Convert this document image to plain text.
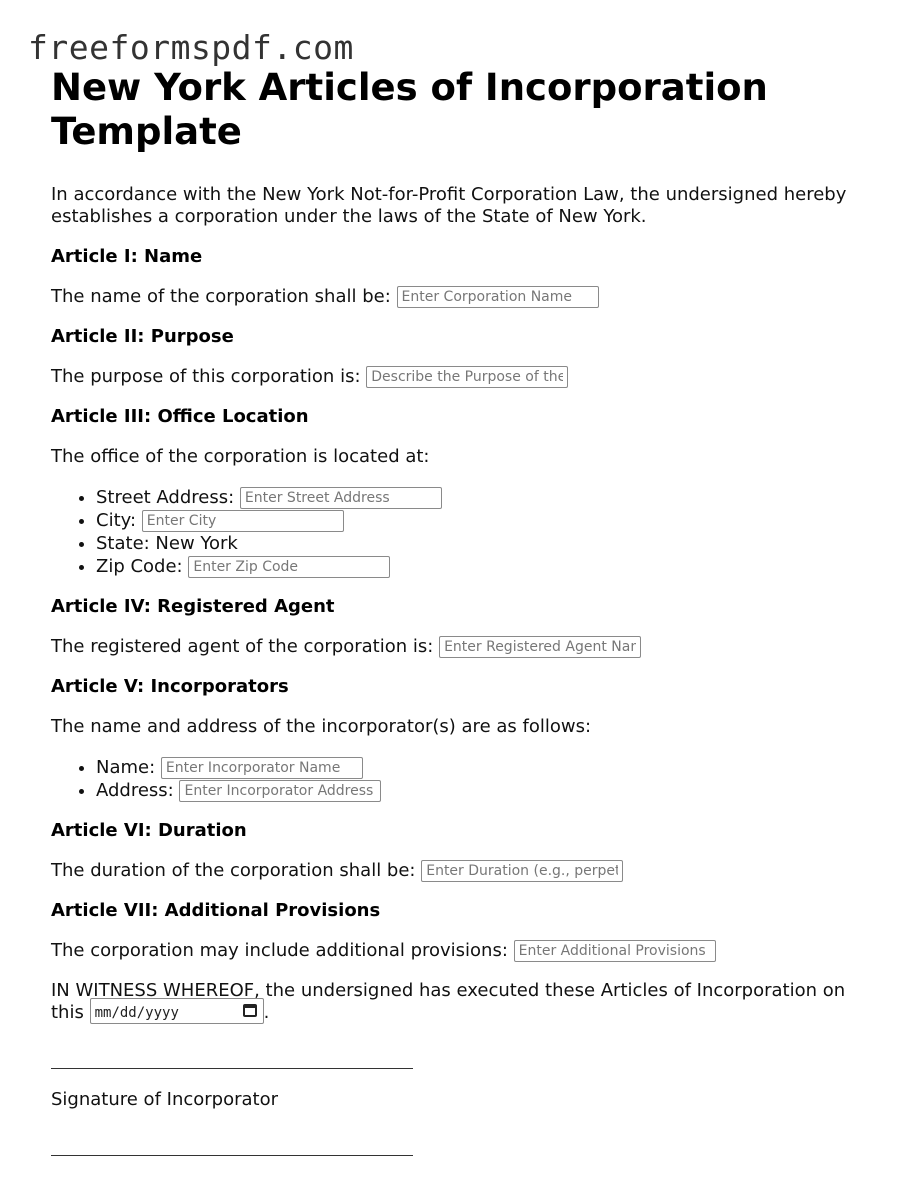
freeformspdf.com
New York Articles of Incorporation Template

In accordance with the New York Not-for-Profit Corporation Law, the undersigned hereby establishes a corporation under the laws of the State of New York.

Article I: Name

The name of the corporation shall be: Enter Corporation Name

Article II: Purpose

The purpose of this corporation is: Describe the Purpose of the Corporation

Article III: Office Location

The office of the corporation is located at:

• Street Address: Enter Street Address
• City: Enter City
• State: New York
• Zip Code: Enter Zip Code
Article IV: Registered Agent

The registered agent of the corporation is: Enter Registered Agent Name

Article V: Incorporators

The name and address of the incorporator(s) are as follows:

• Name: Enter Incorporator Name
• Address: Enter Incorporator Address
Article VI: Duration

The duration of the corporation shall be: Enter Duration (e.g., perpetual)

Article VII: Additional Provisions

The corporation may include additional provisions: Enter Additional Provisions

IN WITNESS WHEREOF, the undersigned has executed these Articles of Incorporation on this mm/dd/yyyy	.

Signature of Incorporator
